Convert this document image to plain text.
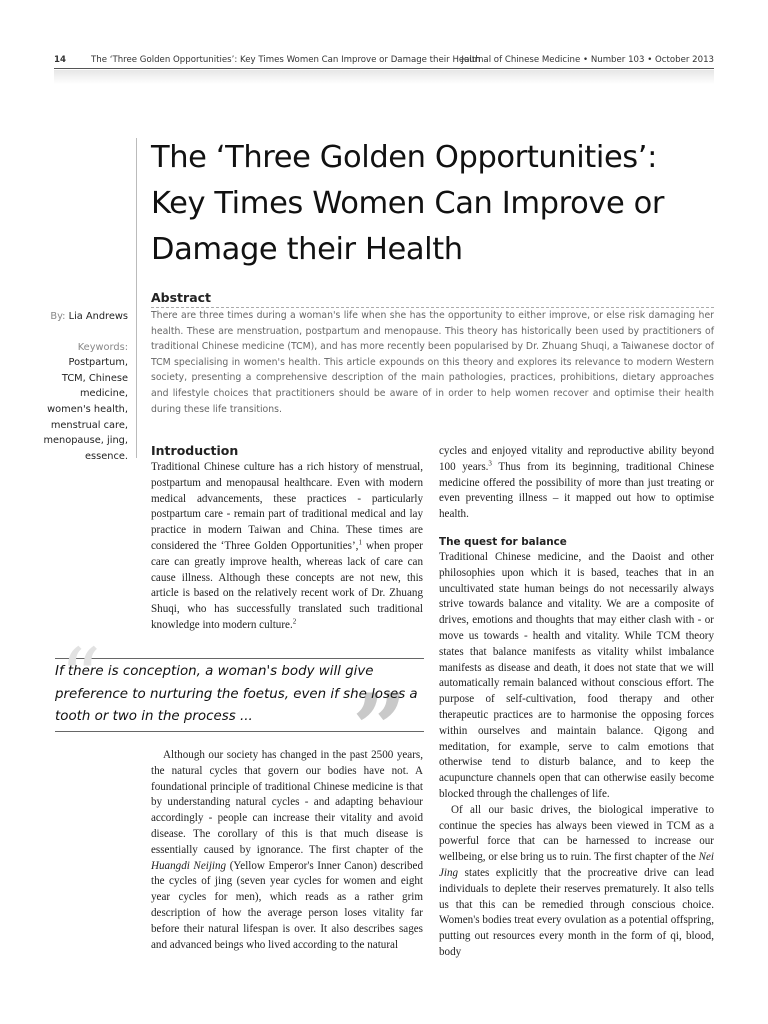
14	The ‘Three Golden Opportunities’: Key Times Women Can Improve or Damage their Health
Journal of Chinese Medicine • Number 103 • October 2013
The ‘Three Golden Opportunities’:
Key Times Women Can Improve or
Damage their Health
By: Lia Andrews
Keywords:
Postpartum,
TCM, Chinese
medicine,
women's health,
menstrual care,
menopause, jing,
essence.
Abstract

There are three times during a woman's life when she has the opportunity to either improve, or else risk damaging her health. These are menstruation, postpartum and menopause. This theory has historically been used by practitioners of traditional Chinese medicine (TCM), and has more recently been popularised by Dr. Zhuang Shuqi, a Taiwanese doctor of TCM specialising in women's health. This article expounds on this theory and explores its relevance to modern Western society, presenting a comprehensive description of the main pathologies, practices, prohibitions, dietary approaches and lifestyle choices that practitioners should be aware of in order to help women recover and optimise their health during these life transitions.

Introduction

Traditional Chinese culture has a rich history of menstrual, postpartum and menopausal healthcare. Even with modern medical advancements, these practices - particularly postpartum care - remain part of traditional medical and lay practice in modern Taiwan and China. These times are considered the ‘Three Golden Opportunities’,$^1$ when proper care can greatly improve health, whereas lack of care can cause illness. Although these concepts are not new, this article is based on the relatively recent work of Dr. Zhuang Shuqi, who has successfully translated such traditional knowledge into modern culture.$^2$

“	”

If there is conception, a woman's body will give preference to nurturing the foetus, even if she loses a tooth or two in the process ...

Although our society has changed in the past 2500 years, the natural cycles that govern our bodies have not. A foundational principle of traditional Chinese medicine is that by understanding natural cycles - and adapting behaviour accordingly - people can increase their vitality and avoid disease. The corollary of this is that much disease is essentially caused by ignorance. The first chapter of the Huangdi Neijing (Yellow Emperor's Inner Canon) described the cycles of jing (seven year cycles for women and eight year cycles for men), which reads as a rather grim description of how the average person loses vitality far before their natural lifespan is over. It also describes sages and advanced beings who lived according to the natural

cycles and enjoyed vitality and reproductive ability beyond 100 years.$^3$ Thus from its beginning, traditional Chinese medicine offered the possibility of more than just treating or even preventing illness – it mapped out how to optimise health.

The quest for balance

Traditional Chinese medicine, and the Daoist and other philosophies upon which it is based, teaches that in an uncultivated state human beings do not necessarily always strive towards balance and vitality. We are a composite of drives, emotions and thoughts that may either clash with - or move us towards - health and vitality. While TCM theory states that balance manifests as vitality whilst imbalance manifests as disease and death, it does not state that we will automatically remain balanced without conscious effort. The purpose of self-cultivation, food therapy and other therapeutic practices are to harmonise the opposing forces within ourselves and maintain balance. Qigong and meditation, for example, serve to calm emotions that otherwise tend to disturb balance, and to keep the acupuncture channels open that can otherwise easily become blocked through the challenges of life.

Of all our basic drives, the biological imperative to continue the species has always been viewed in TCM as a powerful force that can be harnessed to increase our wellbeing, or else bring us to ruin. The first chapter of the Nei Jing states explicitly that the procreative drive can lead individuals to deplete their reserves prematurely. It also tells us that this can be remedied through conscious choice. Women's bodies treat every ovulation as a potential offspring, putting out resources every month in the form of qi, blood, body
